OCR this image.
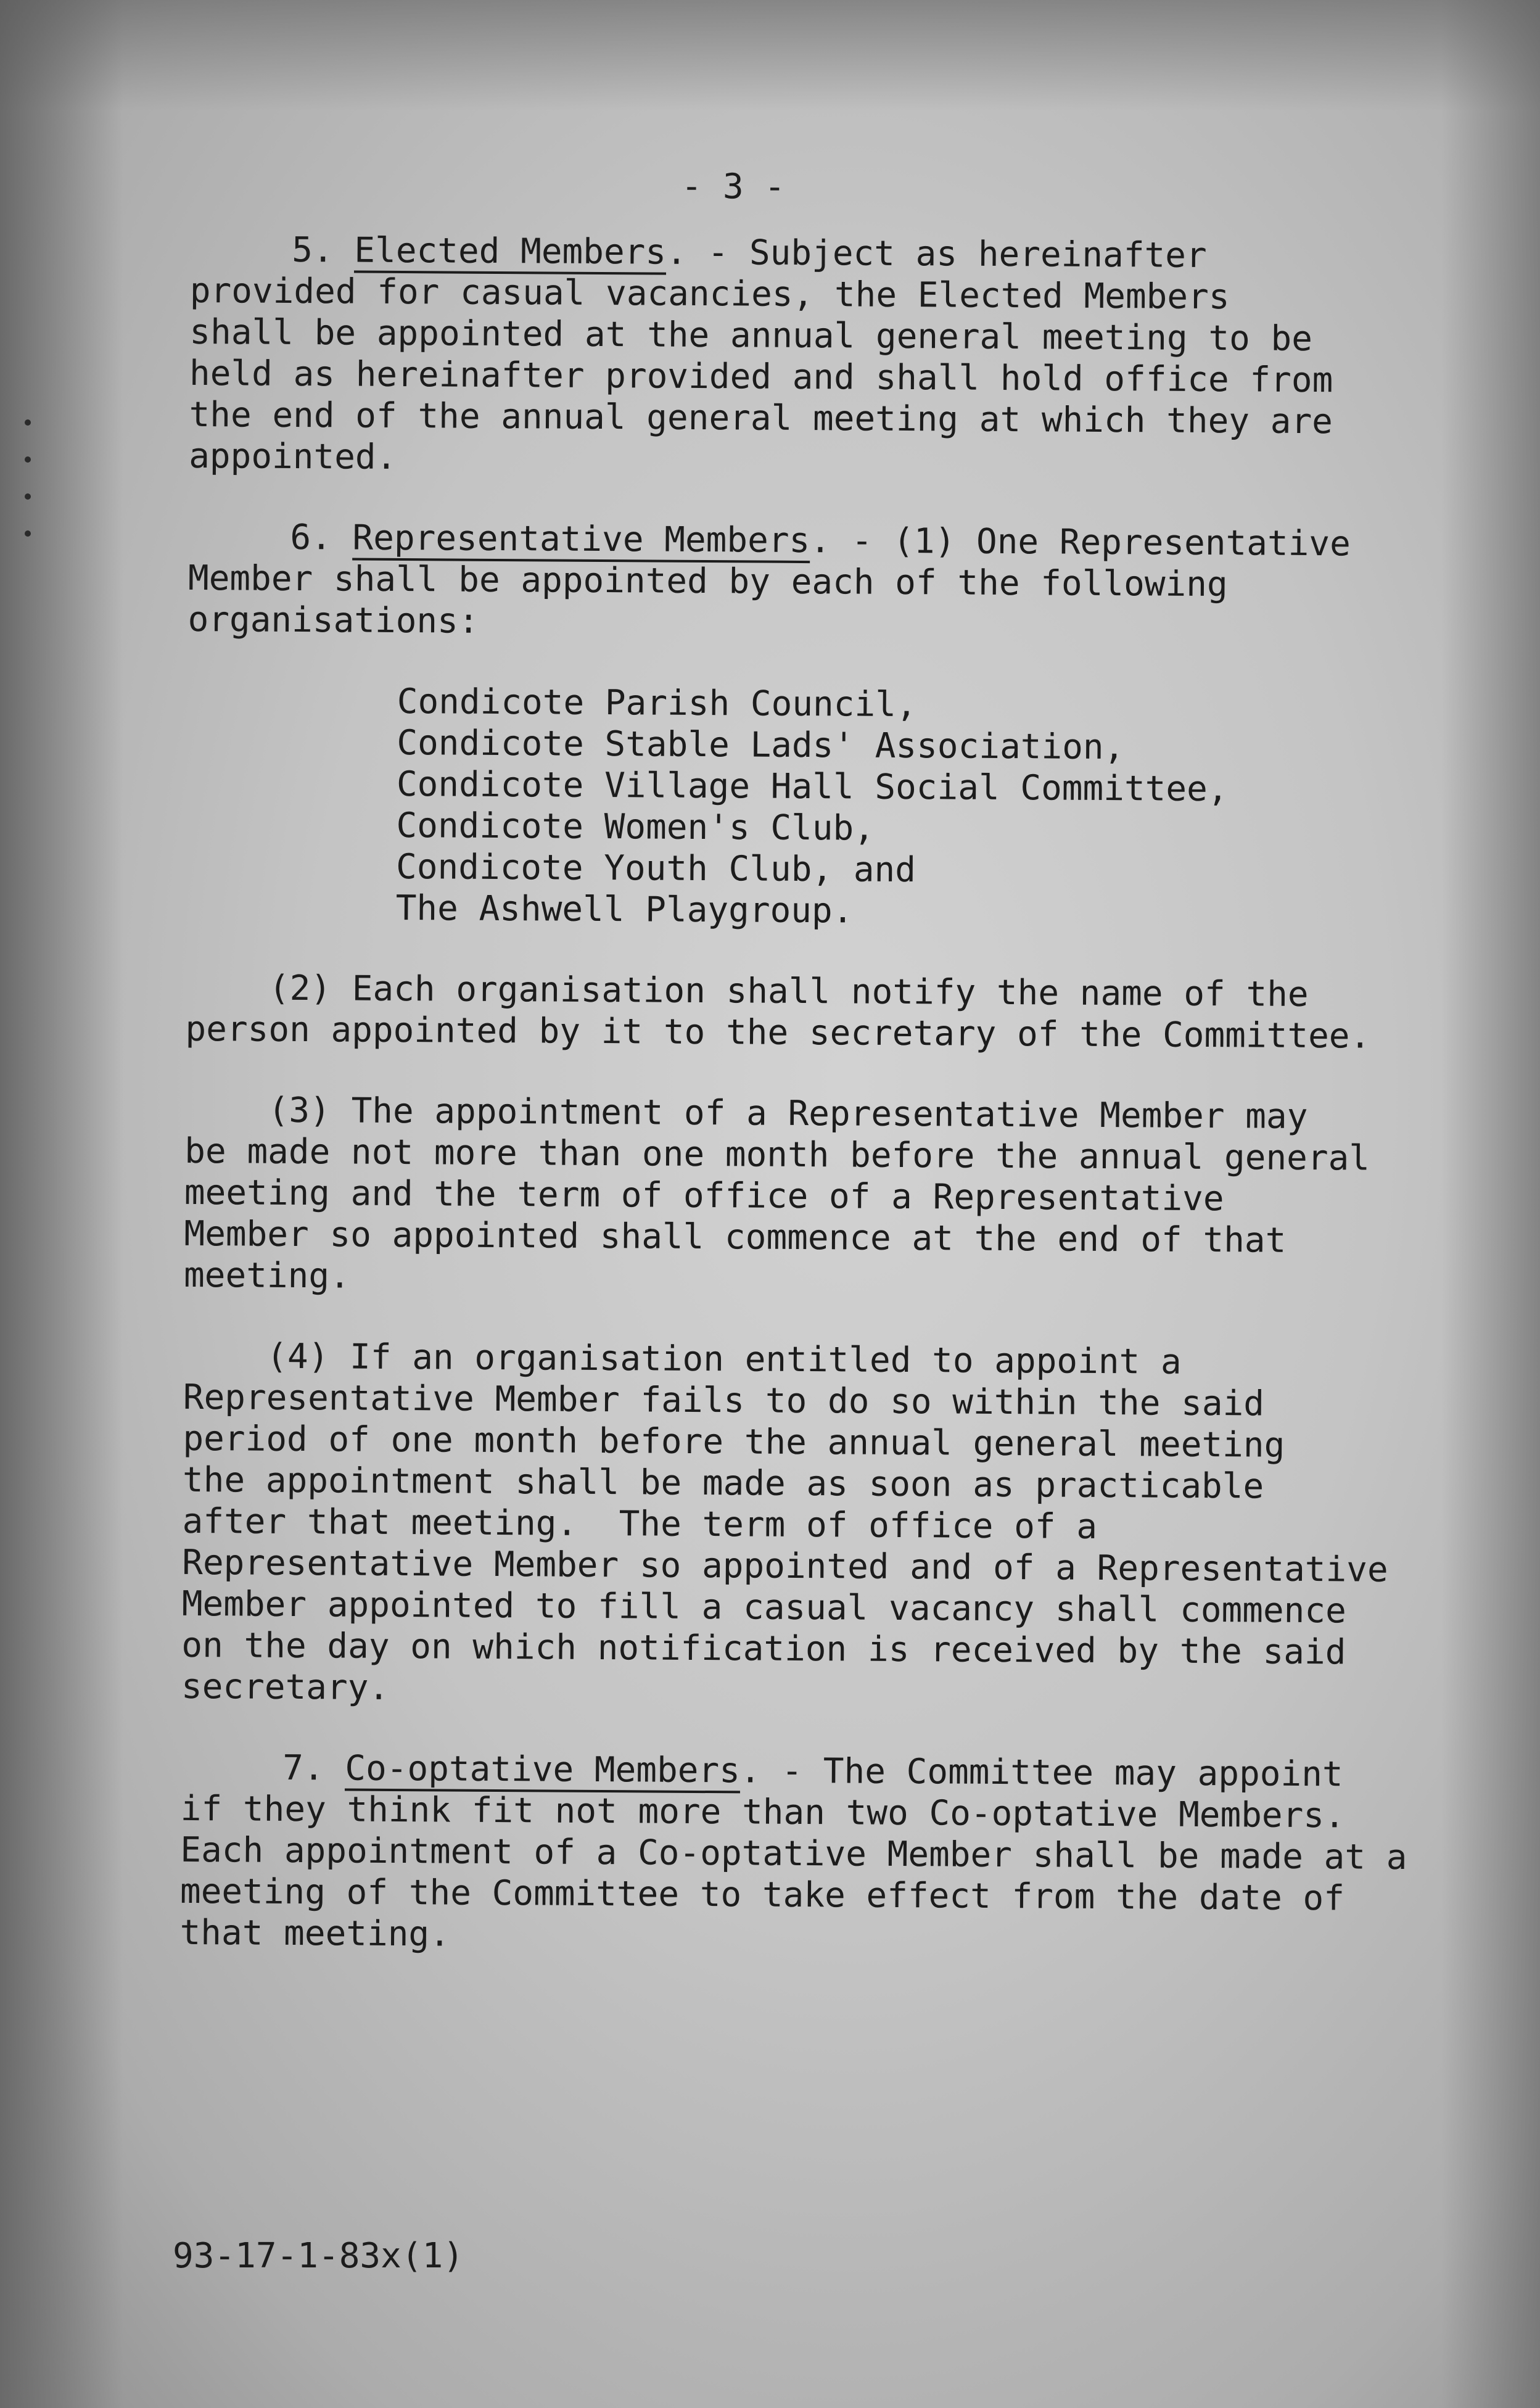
- 3 -
5. Elected Members. - Subject as hereinafter
provided for casual vacancies, the Elected Members
shall be appointed at the annual general meeting to be
held as hereinafter provided and shall hold office from
the end of the annual general meeting at which they are
appointed.
6. Representative Members. - (1) One Representative
Member shall be appointed by each of the following
organisations:
Condicote Parish Council,
Condicote Stable Lads' Association,
Condicote Village Hall Social Committee,
Condicote Women's Club,
Condicote Youth Club, and
The Ashwell Playgroup.
(2) Each organisation shall notify the name of the
person appointed by it to the secretary of the Committee.
(3) The appointment of a Representative Member may
be made not more than one month before the annual general
meeting and the term of office of a Representative
Member so appointed shall commence at the end of that
meeting.
(4) If an organisation entitled to appoint a
Representative Member fails to do so within the said
period of one month before the annual general meeting
the appointment shall be made as soon as practicable
after that meeting.  The term of office of a
Representative Member so appointed and of a Representative
Member appointed to fill a casual vacancy shall commence
on the day on which notification is received by the said
secretary.
7. Co-optative Members. - The Committee may appoint
if they think fit not more than two Co-optative Members.
Each appointment of a Co-optative Member shall be made at a
meeting of the Committee to take effect from the date of
that meeting.
93-17-1-83x(1)
